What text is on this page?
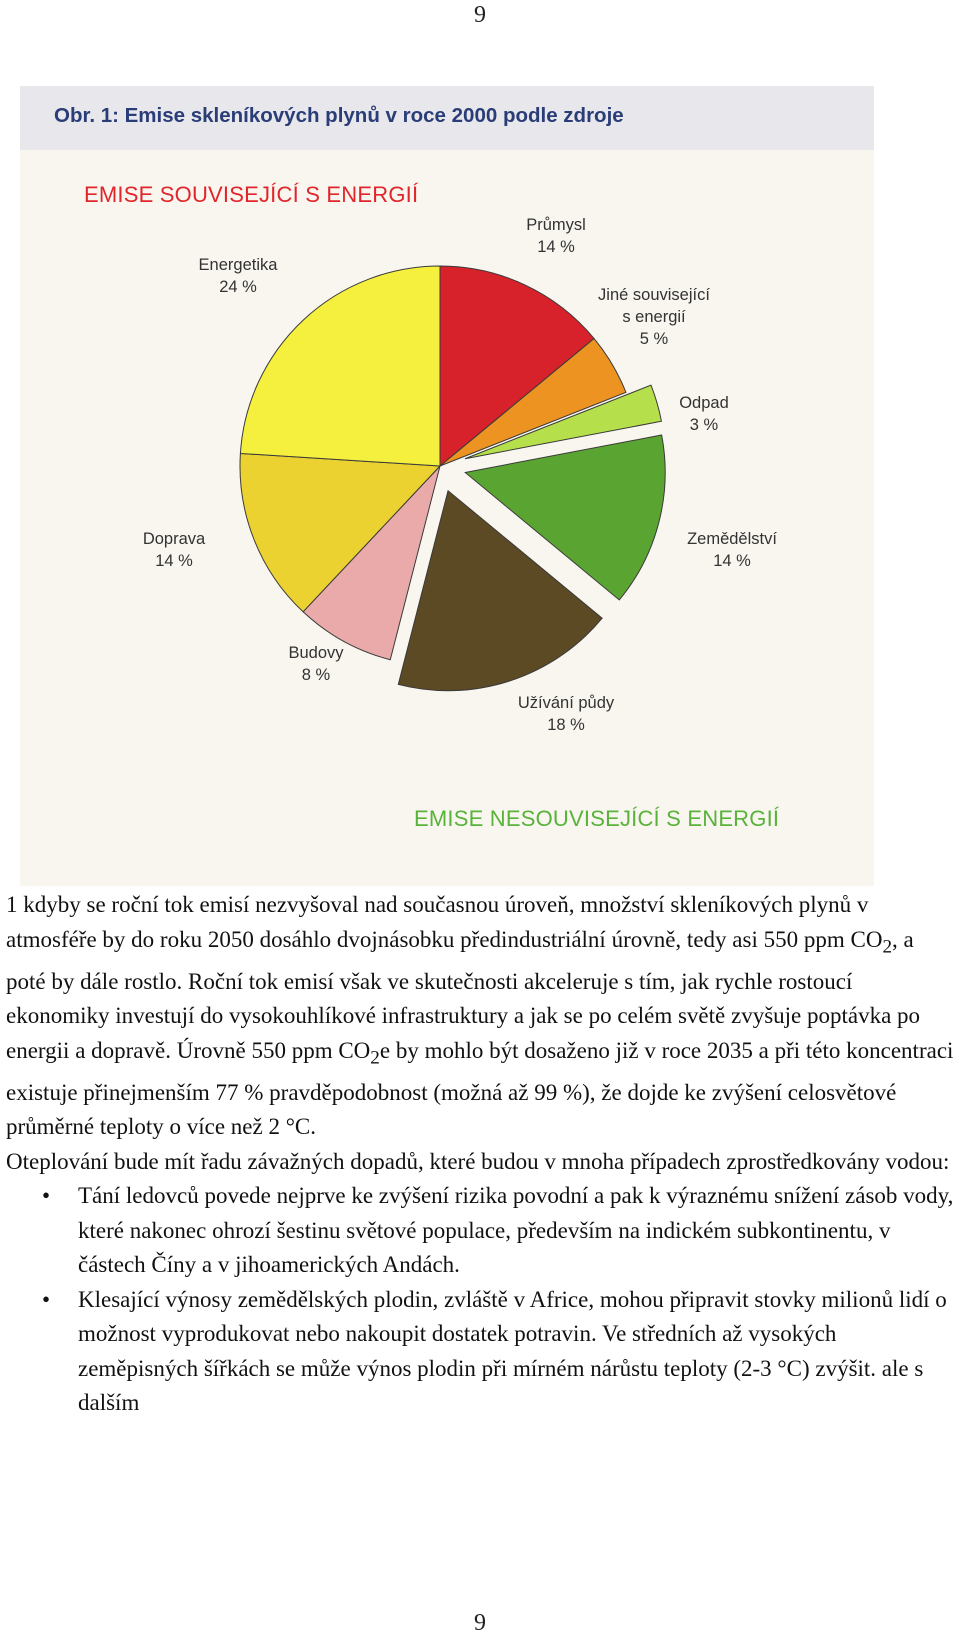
9
Obr. 1: Emise skleníkových plynů v roce 2000 podle zdroje
EMISE SOUVISEJÍCÍ S ENERGIÍ
EMISE NESOUVISEJÍCÍ S ENERGIÍ
Průmysl
14 %
Jiné související
s energií
5 %
Odpad
3 %
Zemědělství
14 %
Užívání půdy
18 %
Budovy
8 %
Doprava
14 %
Energetika
24 %

1 kdyby se roční tok emisí nezvyšoval nad současnou úroveň, množství skleníkových plynů v atmosféře by do roku 2050 dosáhlo dvojnásobku předindustriální úrovně, tedy asi 550 ppm $CO_2$, a poté by dále rostlo. Roční tok emisí však ve skutečnosti akceleruje s tím, jak rychle rostoucí ekonomiky investují do vysokouhlíkové infrastruktury a jak se po celém světě zvyšuje poptávka po energii a dopravě. Úrovně 550 ppm $CO_2e$ by mohlo být dosaženo již v roce 2035 a při této koncentraci existuje přinejmenším 77 % pravděpodobnost (možná až 99 %), že dojde ke zvýšení celosvětové průměrné teploty o více než 2 °C.

Oteplování bude mít řadu závažných dopadů, které budou v mnoha případech zprostředkovány vodou:

• Tání ledovců povede nejprve ke zvýšení rizika povodní a pak k výraznému snížení zásob vody, které nakonec ohrozí šestinu světové populace, především na indickém subkontinentu, v částech Číny a v jihoamerických Andách.
• Klesající výnosy zemědělských plodin, zvláště v Africe, mohou připravit stovky milionů lidí o možnost vyprodukovat nebo nakoupit dostatek potravin. Ve středních až vysokých zeměpisných šířkách se může výnos plodin při mírném nárůstu teploty (2-3 °C) zvýšit. ale s dalším
9
